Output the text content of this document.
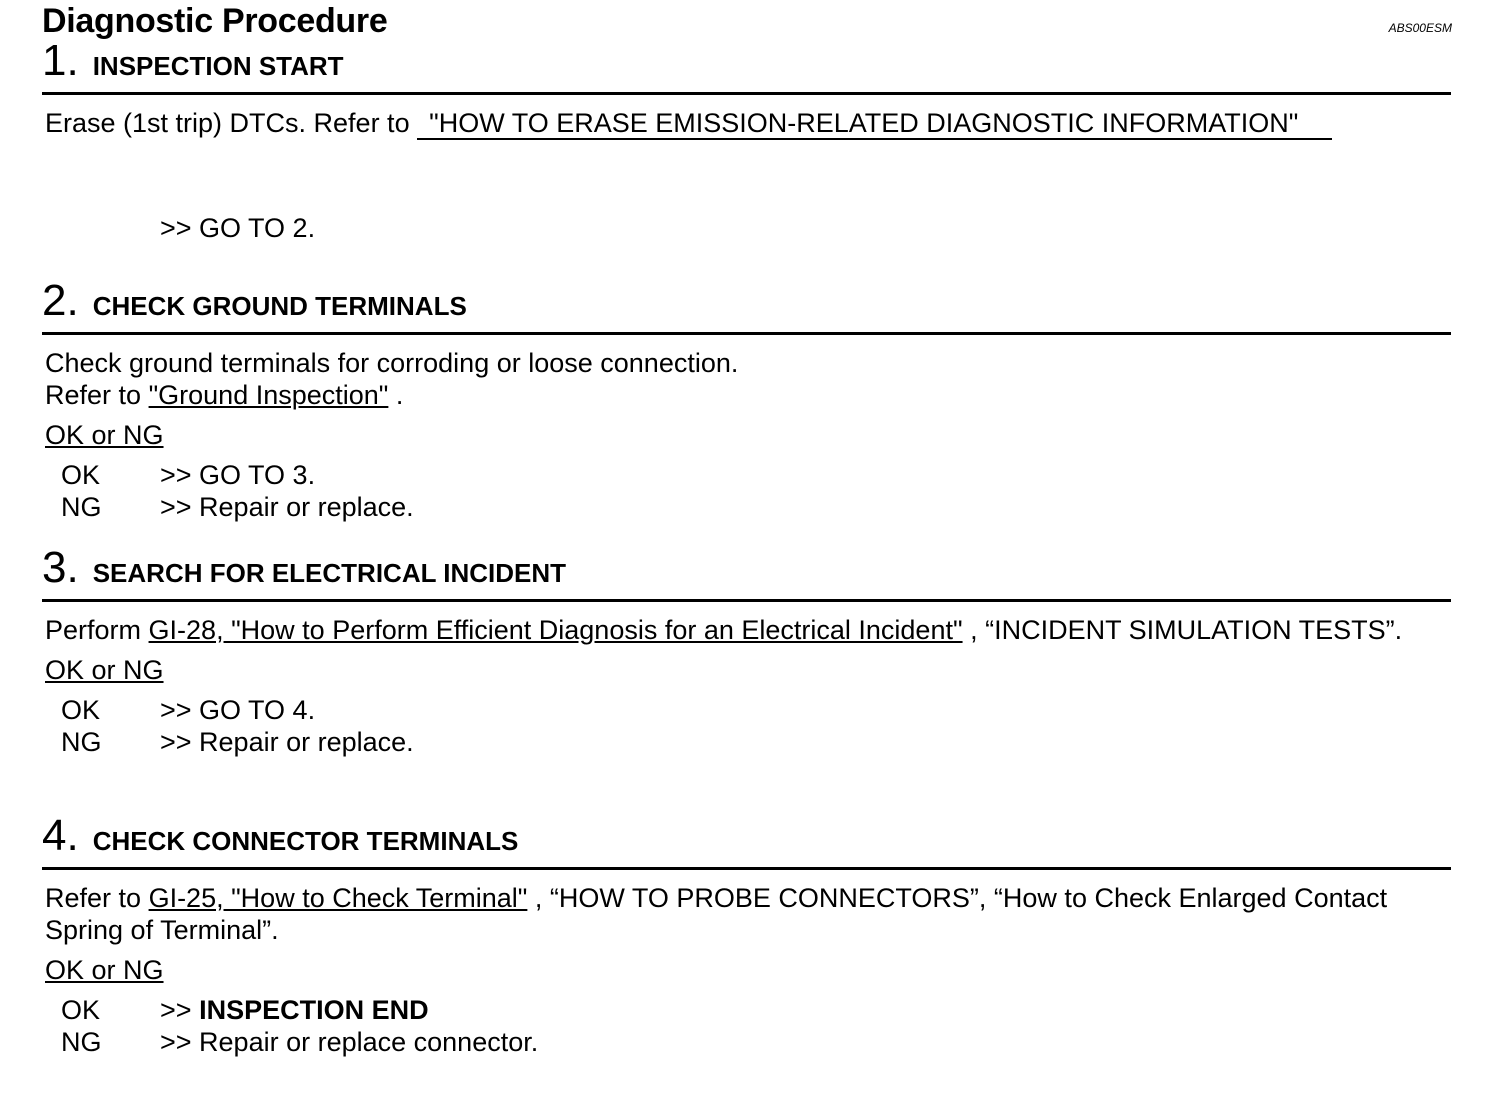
Diagnostic Procedure	ABS00ESM
1. INSPECTION START
Erase (1st trip) DTCs. Refer to "HOW TO ERASE EMISSION-RELATED DIAGNOSTIC INFORMATION"
>> GO TO 2.
2. CHECK GROUND TERMINALS
Check ground terminals for corroding or loose connection.
Refer to "Ground Inspection" .
OK or NG
OK	>> GO TO 3.
NG	>> Repair or replace.
3. SEARCH FOR ELECTRICAL INCIDENT
Perform GI-28, "How to Perform Efficient Diagnosis for an Electrical Incident" , “INCIDENT SIMULATION TESTS”.
OK or NG
OK	>> GO TO 4.
NG	>> Repair or replace.
4. CHECK CONNECTOR TERMINALS
Refer to GI-25, "How to Check Terminal" , “HOW TO PROBE CONNECTORS”, “How to Check Enlarged Contact Spring of Terminal”.
OK or NG
OK	>> INSPECTION END
NG	>> Repair or replace connector.
